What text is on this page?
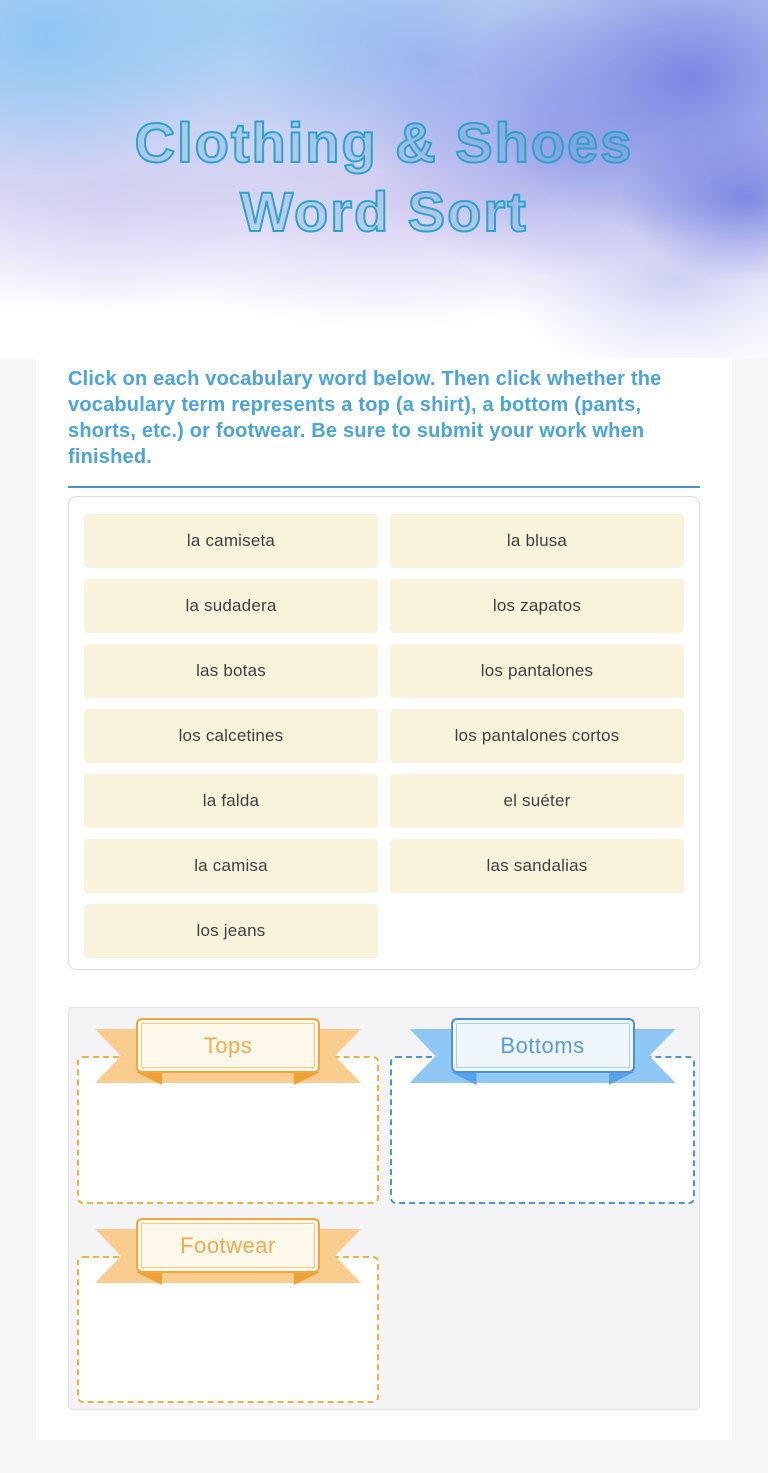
Clothing & Shoes
Word Sort
Click on each vocabulary word below. Then click whether the vocabulary term represents a top (a shirt), a bottom (pants, shorts, etc.) or footwear. Be sure to submit your work when finished.
la camiseta	la blusa
la sudadera	los zapatos
las botas	los pantalones
los calcetines	los pantalones cortos
la falda	el suéter
la camisa	las sandalias
los jeans
Tops	Bottoms
Footwear
